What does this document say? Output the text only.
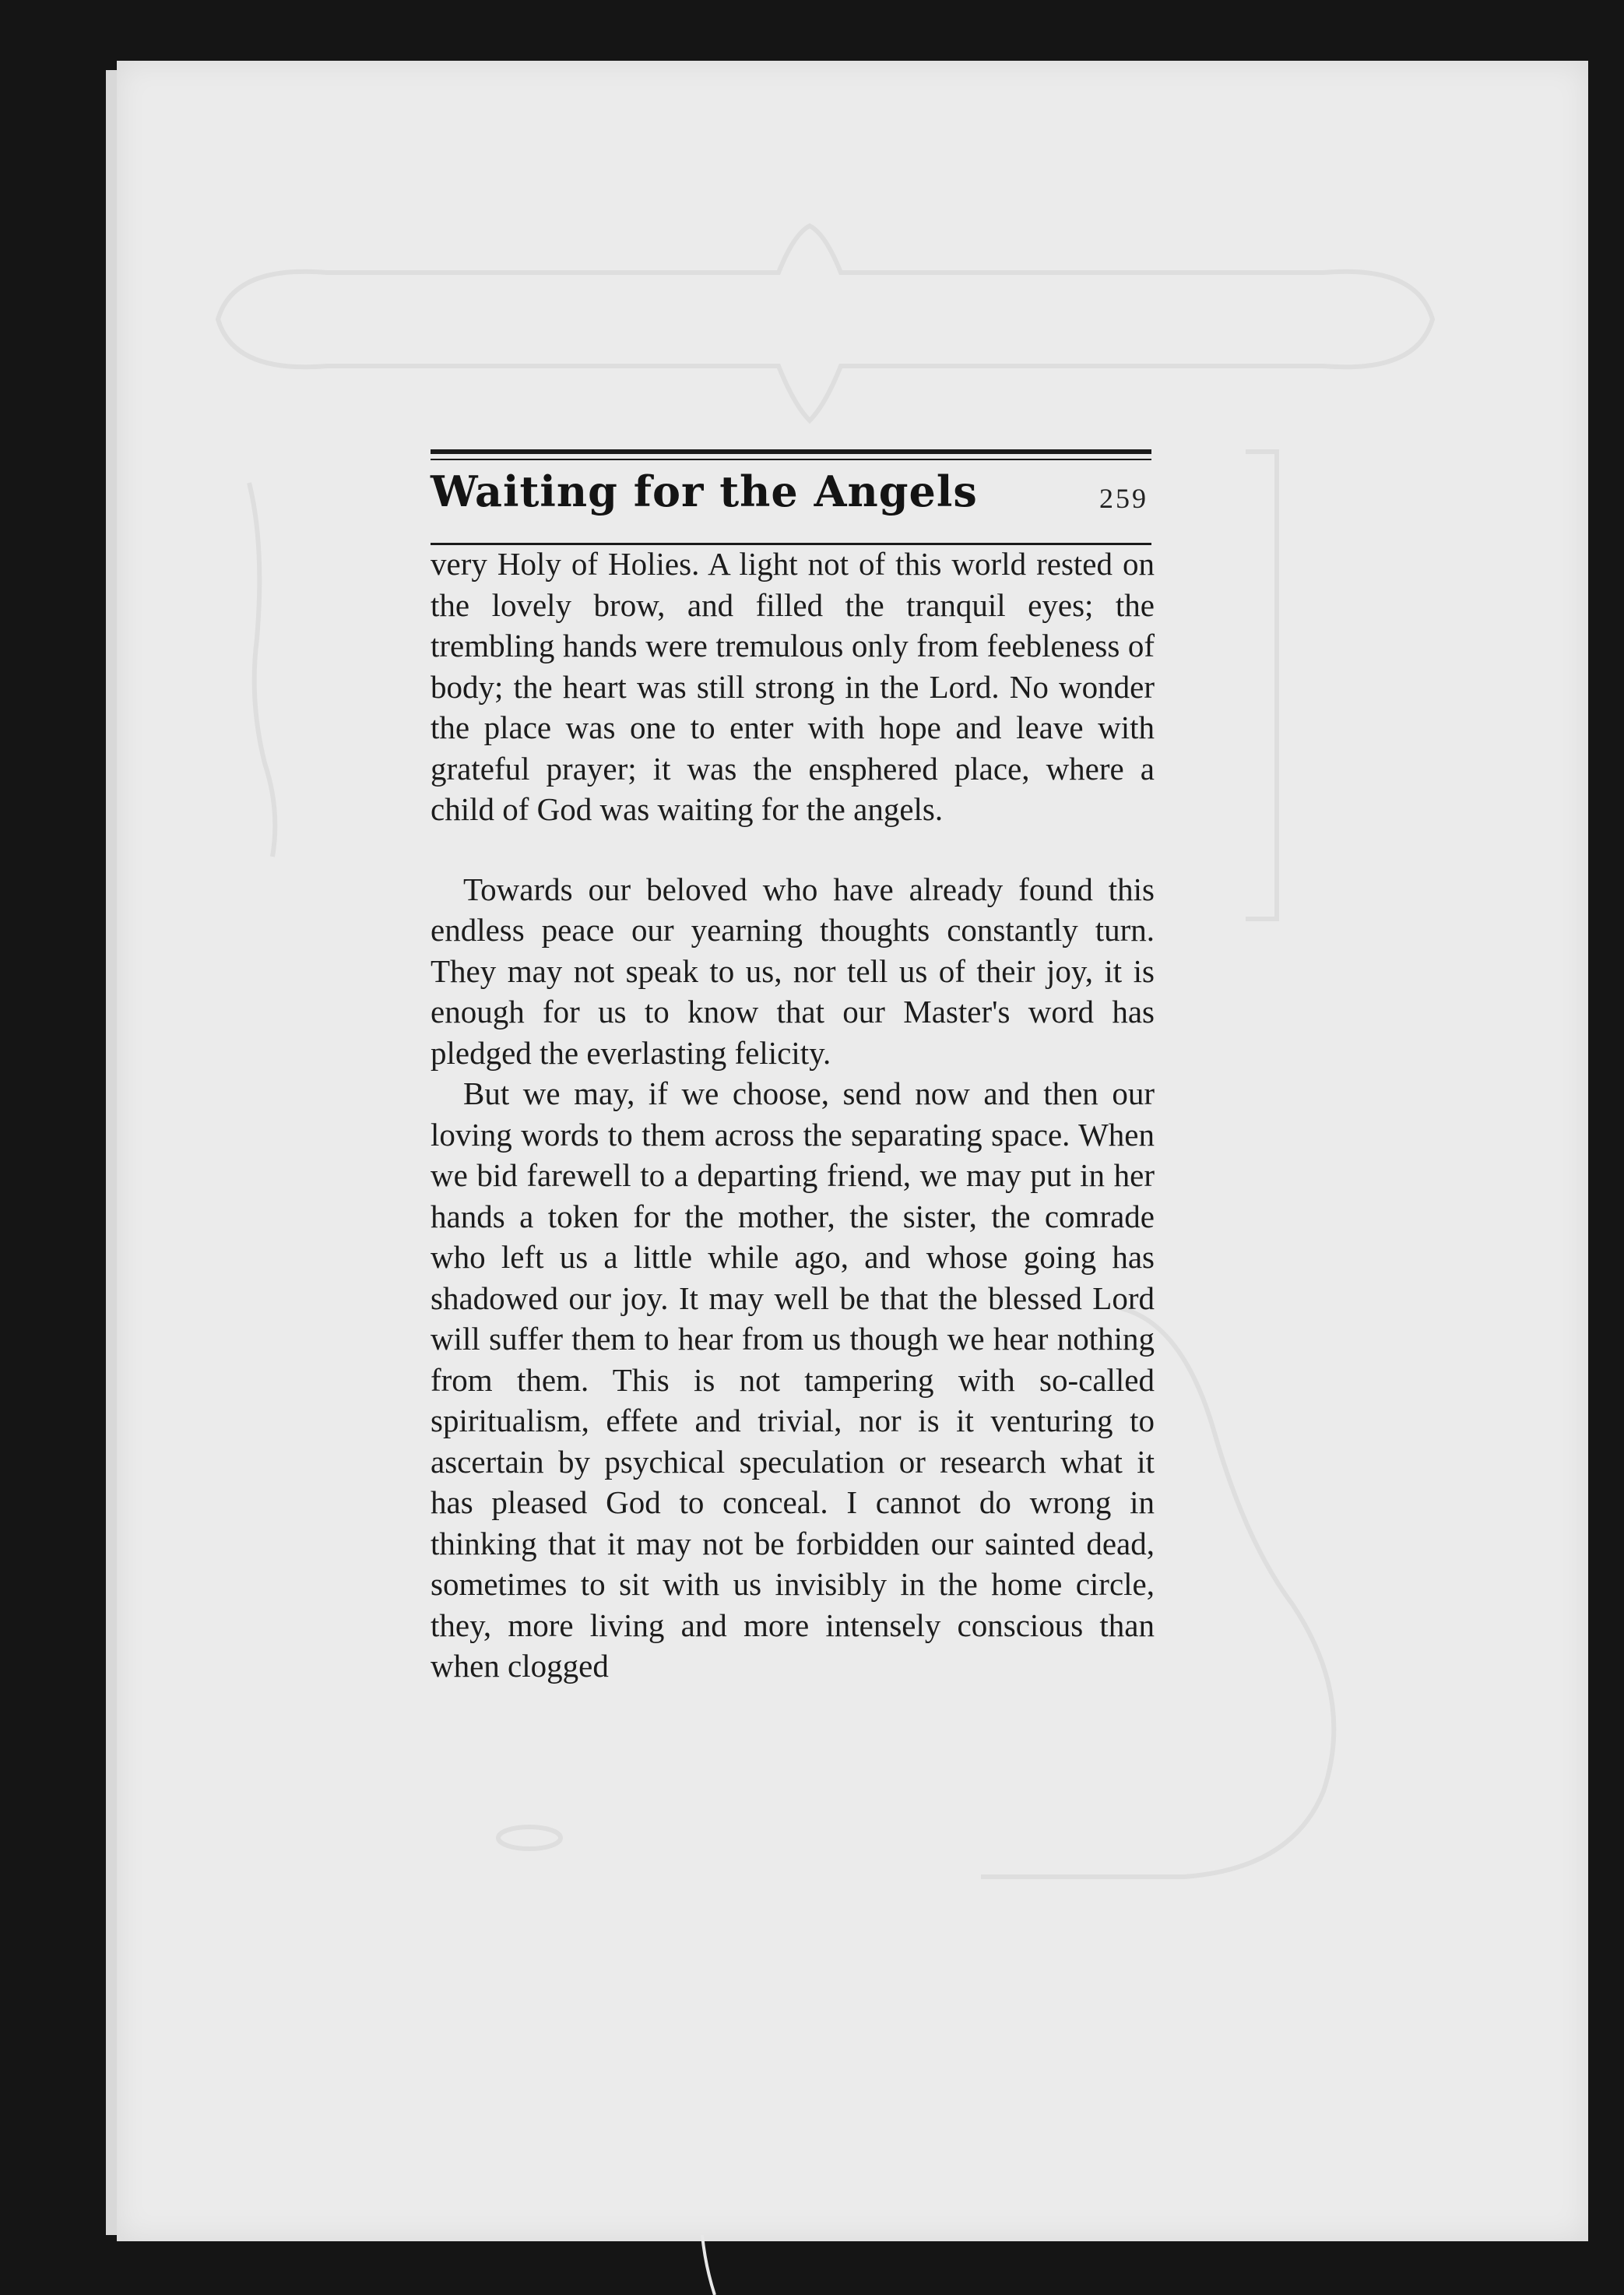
Waiting for the Angels	259

very Holy of Holies. A light not of this world rested on the lovely brow, and filled the tranquil eyes; the trembling hands were tremulous only from feebleness of body; the heart was still strong in the Lord. No wonder the place was one to enter with hope and leave with grateful prayer; it was the ensphered place, where a child of God was waiting for the angels.

Towards our beloved who have already found this endless peace our yearning thoughts constantly turn. They may not speak to us, nor tell us of their joy, it is enough for us to know that our Master's word has pledged the everlasting felicity.

But we may, if we choose, send now and then our loving words to them across the separating space. When we bid farewell to a departing friend, we may put in her hands a token for the mother, the sister, the comrade who left us a little while ago, and whose going has shadowed our joy. It may well be that the blessed Lord will suffer them to hear from us though we hear nothing from them. This is not tampering with so-called spiritualism, effete and trivial, nor is it venturing to ascertain by psychical speculation or research what it has pleased God to conceal. I cannot do wrong in thinking that it may not be forbidden our sainted dead, sometimes to sit with us invisibly in the home circle, they, more living and more intensely conscious than when clogged
